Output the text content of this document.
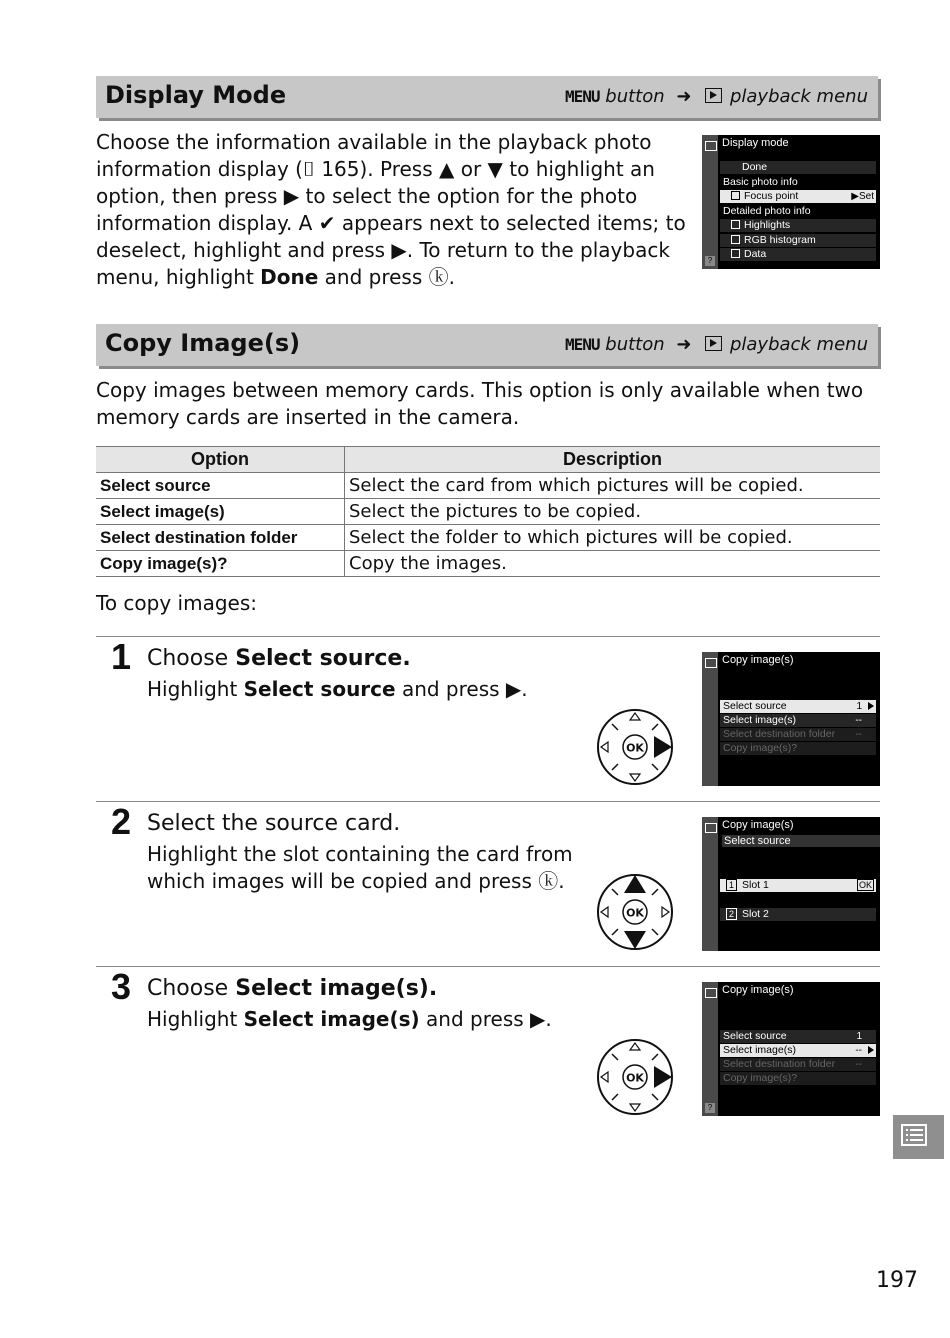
Display Mode	MENU button ➜ playback menu

Choose the information available in the playback photo

information display (⌷ 165). Press ▲ or ▼ to highlight an

option, then press ▶ to select the option for the photo

information display. A ✔ appears next to selected items; to

deselect, highlight and press ▶. To return to the playback

menu, highlight Done and press ⓚ.

?
Display mode
Done
Basic photo info
Focus point	▶Set
Detailed photo info
Highlights
RGB histogram
Data
Copy Image(s)	MENU button ➜ playback menu

Copy images between memory cards. This option is only available when two

memory cards are inserted in the camera.

Option	Description
Select source	Select the card from which pictures will be copied.
Select image(s)	Select the pictures to be copied.
Select destination folder	Select the folder to which pictures will be copied.
Copy image(s)?	Copy the images.
To copy images:
1 Choose Select source.
Highlight Select source and press ▶.
OK
Copy image(s)
Select source	1
Select image(s)	--
Select destination folder --
Copy image(s)?
2 Select the source card.
Highlight the slot containing the card from
which images will be copied and press ⓚ.
OK
Copy image(s)
Select source
1 Slot 1	OK
2 Slot 2
3 Choose Select image(s).
Highlight Select image(s) and press ▶.
OK
?
Copy image(s)
Select source	1
Select image(s)	--
Select destination folder --
Copy image(s)?
197
